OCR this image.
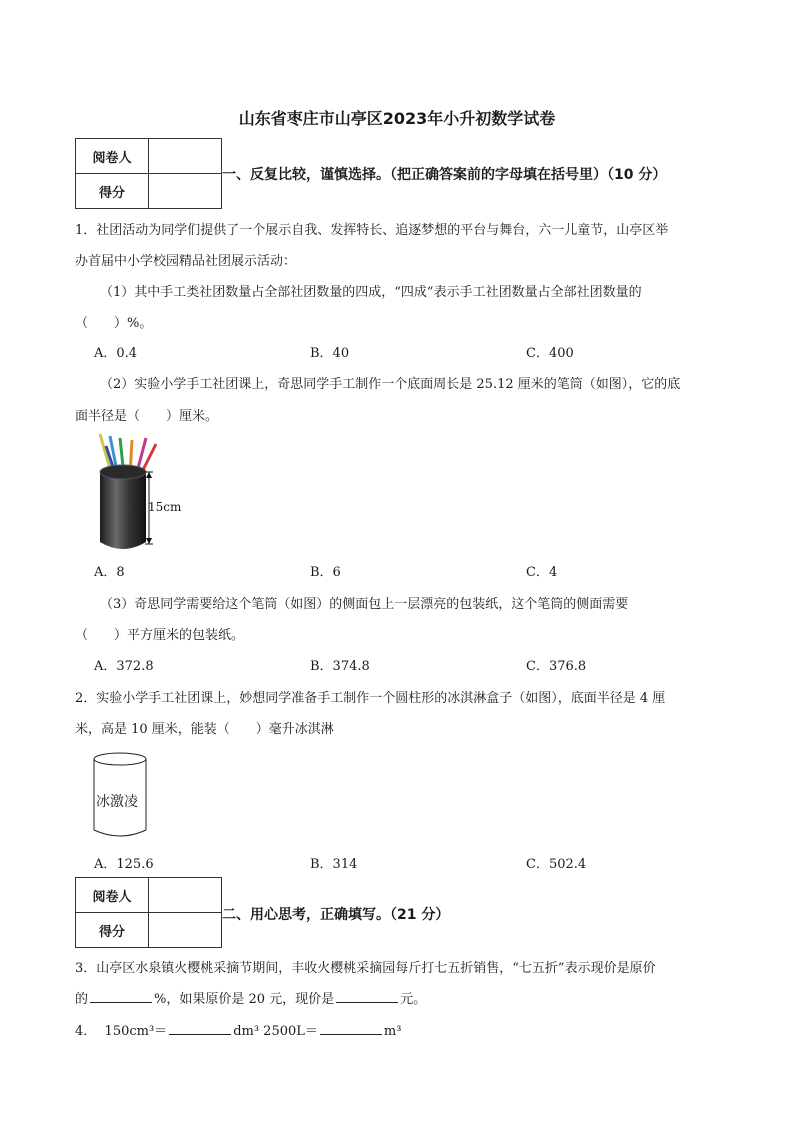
山东省枣庄市山亭区2023年小升初数学试卷
阅卷人	
得分	
一、反复比较，谨慎选择。（把正确答案前的字母填在括号里）（10 分）
1．社团活动为同学们提供了一个展示自我、发挥特长、追逐梦想的平台与舞台，六一儿童节，山亭区举
办首届中小学校园精品社团展示活动：
（1）其中手工类社团数量占全部社团数量的四成，“四成”表示手工社团数量占全部社团数量的
（　　）%。
A．0.4	B．40	C．400
（2）实验小学手工社团课上，奇思同学手工制作一个底面周长是 25.12 厘米的笔筒（如图），它的底
面半径是（　　）厘米。
15cm
A．8	B．6	C．4
（3）奇思同学需要给这个笔筒（如图）的侧面包上一层漂亮的包装纸，这个笔筒的侧面需要
（　　）平方厘米的包装纸。
A．372.8	B．374.8	C．376.8
2．实验小学手工社团课上，妙想同学准备手工制作一个圆柱形的冰淇淋盒子（如图），底面半径是 4 厘
米，高是 10 厘米，能装（　　）毫升冰淇淋
冰激凌
A．125.6	B．314	C．502.4
阅卷人	
得分	
二、用心思考，正确填写。（21 分）
3．山亭区水泉镇火樱桃采摘节期间，丰收火樱桃采摘园每斤打七五折销售，“七五折”表示现价是原价
的	%，如果原价是 20 元，现价是	元。
4． 150cm³＝	dm³ 2500L＝	m³
